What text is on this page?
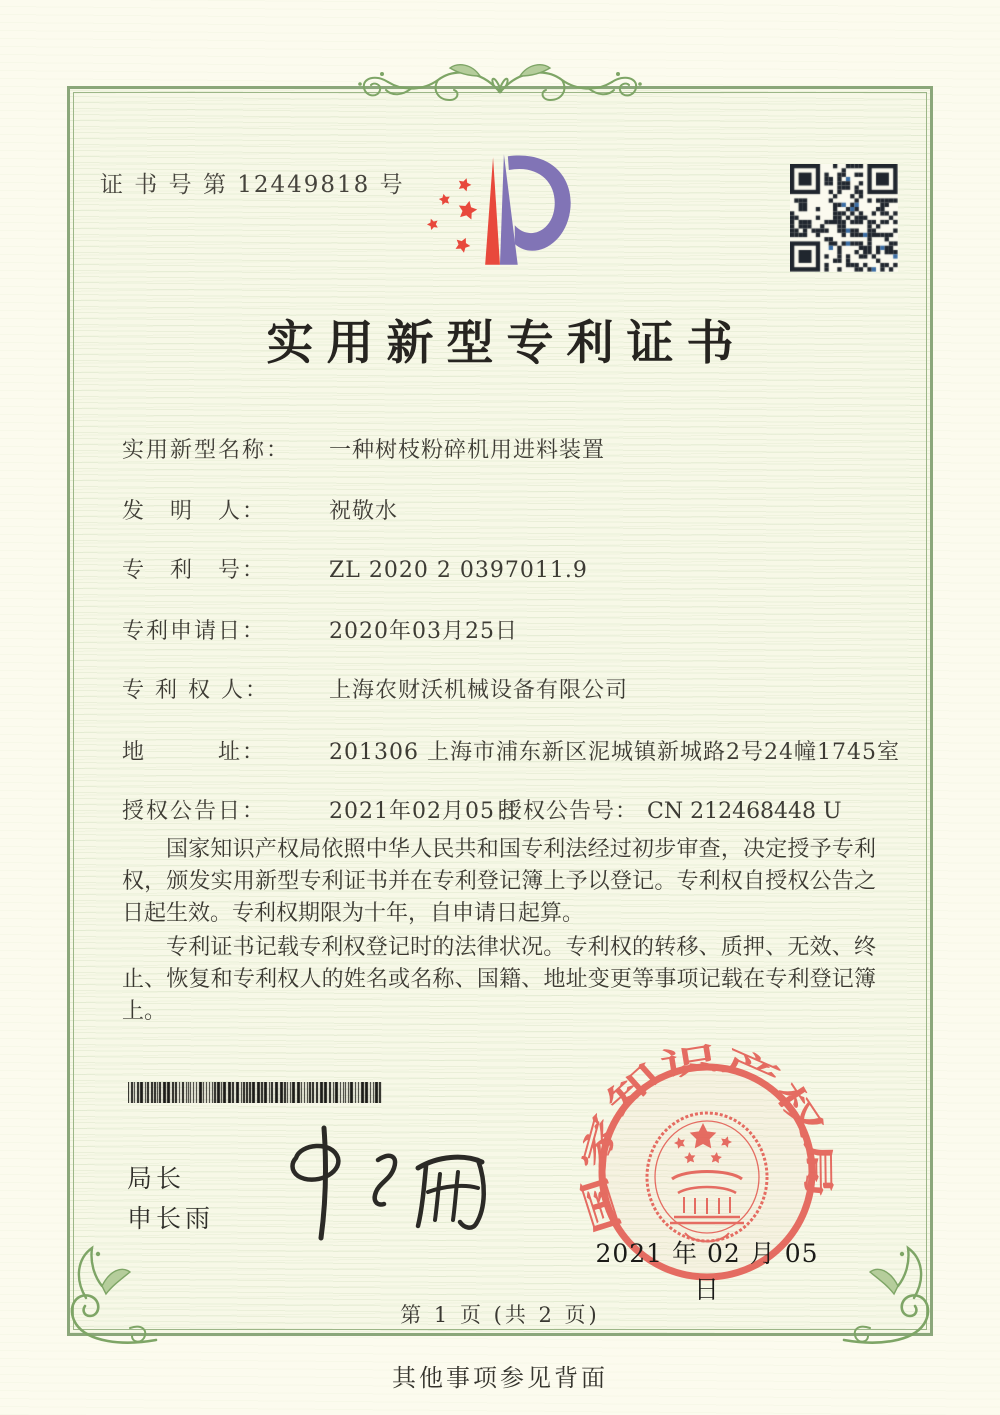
证 书 号 第 12449818 号
实用新型专利证书
实用新型名称： 一种树枝粉碎机用进料装置
发　明　人：	祝敬水
专　利　号：	ZL 2020 2 0397011.9
专利申请日：	2020年03月25日
专 利 权 人：	上海农财沃机械设备有限公司
地　　　址：	201306 上海市浦东新区泥城镇新城路2号24幢1745室
授权公告日：	2021年02月05日
授权公告号： CN 212468448 U

国家知识产权局依照中华人民共和国专利法经过初步审查，决定授予专利权，颁发实用新型专利证书并在专利登记簿上予以登记。专利权自授权公告之日起生效。专利权期限为十年，自申请日起算。

专利证书记载专利权登记时的法律状况。专利权的转移、质押、无效、终止、恢复和专利权人的姓名或名称、国籍、地址变更等事项记载在专利登记簿上。

局长
申长雨	国家知识产权局
2021 年 02 月 05 日
第 1 页 (共 2 页)
其他事项参见背面
